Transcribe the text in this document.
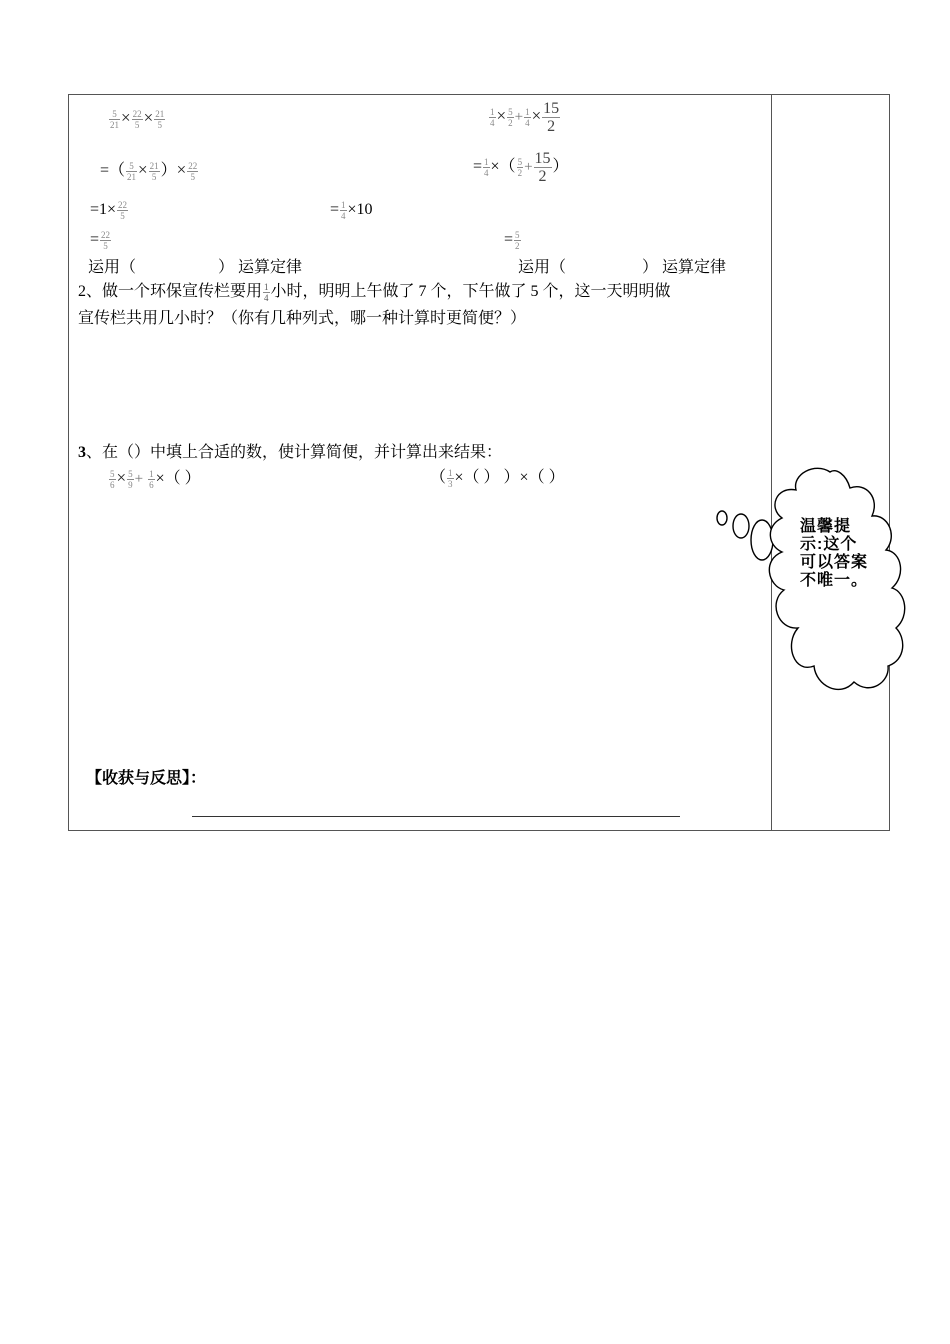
$\frac{5}{21} \times \frac{22}{5} \times \frac{21}{5}$
=（ $\frac{5}{21} \times \frac{21}{5}$ ）× $\frac{22}{5}$
$=1\times \frac{22}{5}$
= $\frac{22}{5}$
运用（	） 运算定律
$\frac{1}{4} \times \frac{5}{2} + \frac{1}{4} \times \frac{15}{2}$
= $\frac{1}{4}$ ×（ $\frac{5}{2} + \frac{15}{2}$ ）
= $\frac{1}{4} \times 10$
= $\frac{5}{2}$
运用（	） 运算定律
2、做一个环保宣传栏要用 $\frac{1}{4}$ 小时，明明上午做了 7 个，下午做了 5 个，这一天明明做
宣传栏共用几小时？（你有几种列式，哪一种计算时更简便？）
3、在（）中填上合适的数，使计算简便，并计算出来结果：
$\frac{5}{6} \times \frac{5}{9} + \frac{1}{6}$ ×（ ）	（ $\frac{1}{3}$ ×（ ） ）×（ ）
【收获与反思】：
温馨提示:这个可以答案不唯一。
